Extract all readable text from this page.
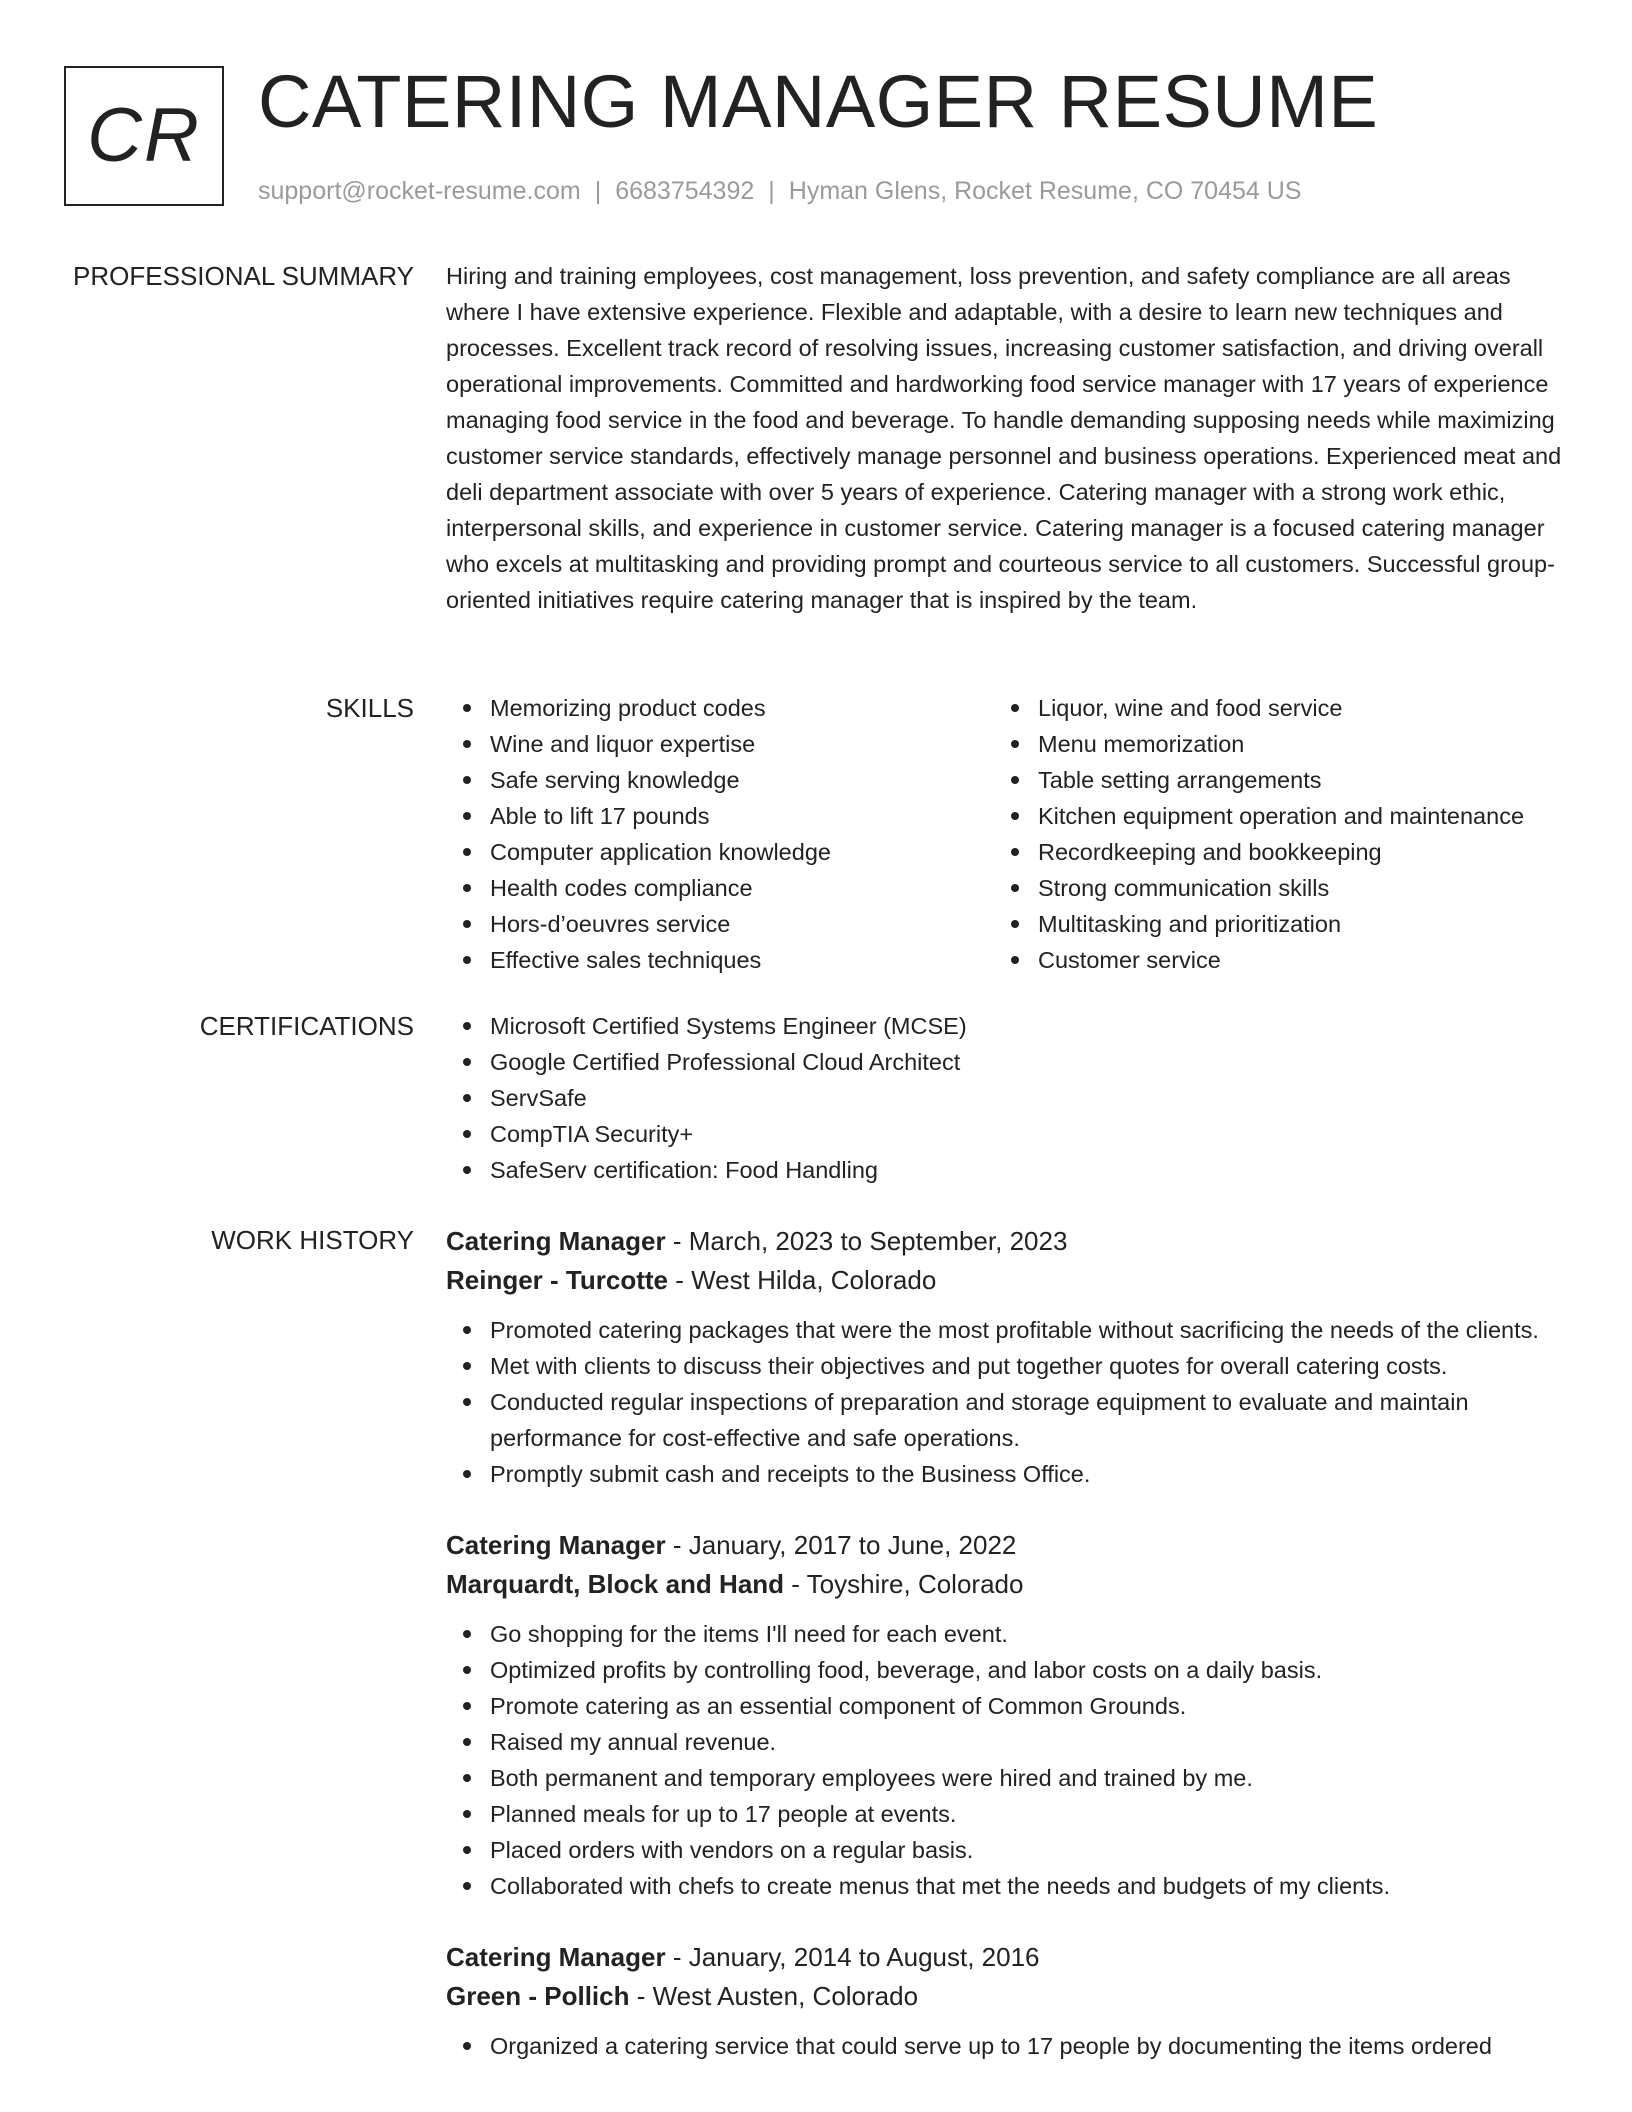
CR CATERING MANAGER RESUME
support@rocket-resume.com | 6683754392 | Hyman Glens, Rocket Resume, CO 70454 US
PROFESSIONAL SUMMARY Hiring and training employees, cost management, loss prevention, and safety compliance are all areas where I have extensive experience. Flexible and adaptable, with a desire to learn new techniques and processes. Excellent track record of resolving issues, increasing customer satisfaction, and driving overall operational improvements. Committed and hardworking food service manager with 17 years of experience managing food service in the food and beverage. To handle demanding supposing needs while maximizing customer service standards, effectively manage personnel and business operations. Experienced meat and deli department associate with over 5 years of experience. Catering manager with a strong work ethic, interpersonal skills, and experience in customer service. Catering manager is a focused catering manager who excels at multitasking and providing prompt and courteous service to all customers. Successful group-oriented initiatives require catering manager that is inspired by the team.

SKILLS	Memorizing product codes
Wine and liquor expertise
Safe serving knowledge
Able to lift 17 pounds
Computer application knowledge
Health codes compliance
Hors-d’oeuvres service
Effective sales techniques
Liquor, wine and food service
Menu memorization
Table setting arrangements
Kitchen equipment operation and maintenance
Recordkeeping and bookkeeping
Strong communication skills
Multitasking and prioritization
Customer service
CERTIFICATIONS	Microsoft Certified Systems Engineer (MCSE)
Google Certified Professional Cloud Architect
ServSafe
CompTIA Security+
SafeServ certification: Food Handling
WORK HISTORY Catering Manager - March, 2023 to September, 2023
Reinger - Turcotte - West Hilda, Colorado
Promoted catering packages that were the most profitable without sacrificing the needs of the clients.
Met with clients to discuss their objectives and put together quotes for overall catering costs.
Conducted regular inspections of preparation and storage equipment to evaluate and maintain performance for cost-effective and safe operations.
Promptly submit cash and receipts to the Business Office.
Catering Manager - January, 2017 to June, 2022
Marquardt, Block and Hand - Toyshire, Colorado
Go shopping for the items I'll need for each event.
Optimized profits by controlling food, beverage, and labor costs on a daily basis.
Promote catering as an essential component of Common Grounds.
Raised my annual revenue.
Both permanent and temporary employees were hired and trained by me.
Planned meals for up to 17 people at events.
Placed orders with vendors on a regular basis.
Collaborated with chefs to create menus that met the needs and budgets of my clients.
Catering Manager - January, 2014 to August, 2016
Green - Pollich - West Austen, Colorado
Organized a catering service that could serve up to 17 people by documenting the items ordered
